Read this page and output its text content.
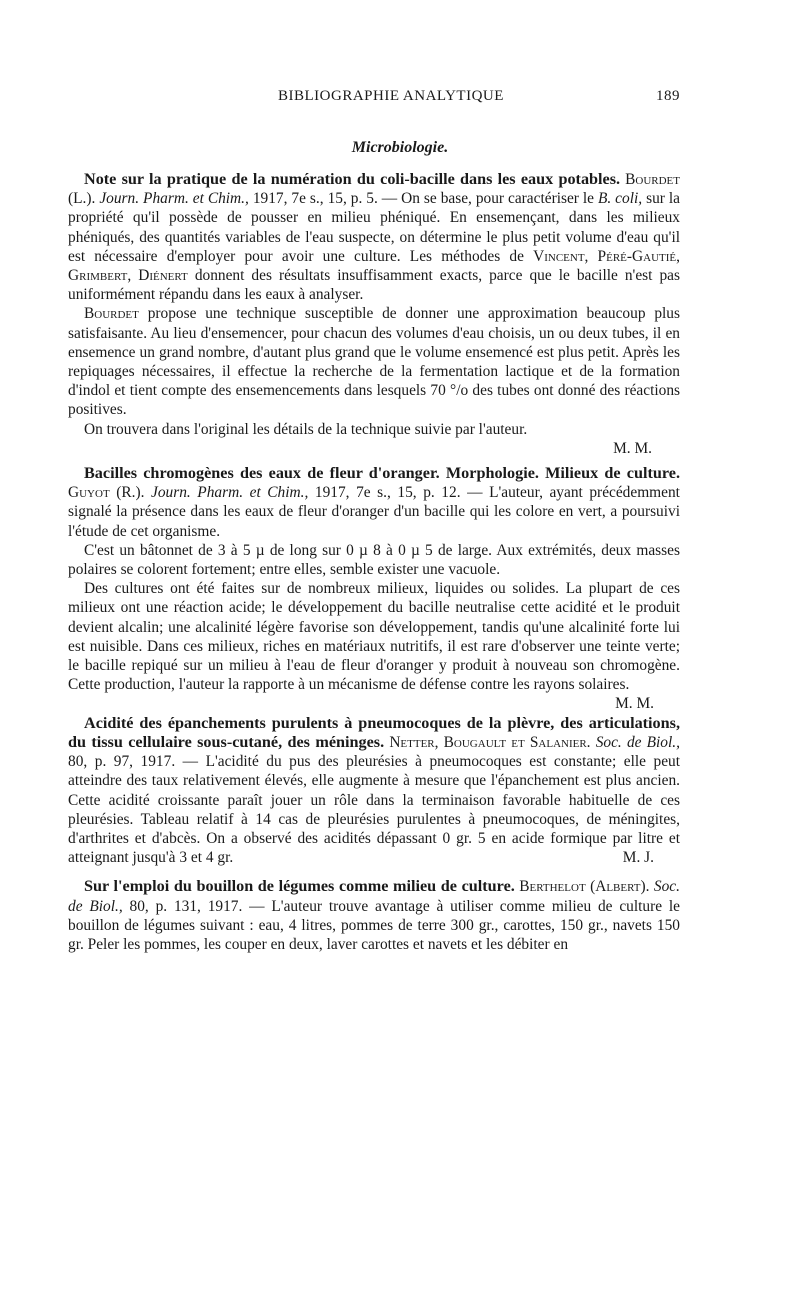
BIBLIOGRAPHIE ANALYTIQUE	189
Microbiologie.

Note sur la pratique de la numération du coli-bacille dans les eaux potables. Bourdet (L.). Journ. Pharm. et Chim., 1917, 7e s., 15, p. 5. — On se base, pour caractériser le B. coli, sur la propriété qu'il possède de pousser en milieu phéniqué. En ensemençant, dans les milieux phéniqués, des quantités variables de l'eau suspecte, on détermine le plus petit volume d'eau qu'il est nécessaire d'employer pour avoir une culture. Les méthodes de Vincent, Péré-Gautié, Grimbert, Diénert donnent des résultats insuffisamment exacts, parce que le bacille n'est pas uniformément répandu dans les eaux à analyser.

Bourdet propose une technique susceptible de donner une approximation beaucoup plus satisfaisante. Au lieu d'ensemencer, pour chacun des volumes d'eau choisis, un ou deux tubes, il en ensemence un grand nombre, d'autant plus grand que le volume ensemencé est plus petit. Après les repiquages nécessaires, il effectue la recherche de la fermentation lactique et de la formation d'indol et tient compte des ensemencements dans lesquels 70 °/o des tubes ont donné des réactions positives.

On trouvera dans l'original les détails de la technique suivie par l'auteur.

M. M.

Bacilles chromogènes des eaux de fleur d'oranger. Morphologie. Milieux de culture. Guyot (R.). Journ. Pharm. et Chim., 1917, 7e s., 15, p. 12. — L'auteur, ayant précédemment signalé la présence dans les eaux de fleur d'oranger d'un bacille qui les colore en vert, a poursuivi l'étude de cet organisme.

C'est un bâtonnet de 3 à 5 µ de long sur 0 µ 8 à 0 µ 5 de large. Aux extrémités, deux masses polaires se colorent fortement; entre elles, semble exister une vacuole.

Des cultures ont été faites sur de nombreux milieux, liquides ou solides. La plupart de ces milieux ont une réaction acide; le développement du bacille neutralise cette acidité et le produit devient alcalin; une alcalinité légère favorise son développement, tandis qu'une alcalinité forte lui est nuisible. Dans ces milieux, riches en matériaux nutritifs, il est rare d'observer une teinte verte; le bacille repiqué sur un milieu à l'eau de fleur d'oranger y produit à nouveau son chromogène. Cette production, l'auteur la rapporte à un mécanisme de défense contre les rayons solaires.
M. M.

Acidité des épanchements purulents à pneumocoques de la plèvre, des articulations, du tissu cellulaire sous-cutané, des méninges. Netter, Bougault et Salanier. Soc. de Biol., 80, p. 97, 1917. — L'acidité du pus des pleurésies à pneumocoques est constante; elle peut atteindre des taux relativement élevés, elle augmente à mesure que l'épanchement est plus ancien. Cette acidité croissante paraît jouer un rôle dans la terminaison favorable habituelle de ces pleurésies. Tableau relatif à 14 cas de pleurésies purulentes à pneumocoques, de méningites, d'arthrites et d'abcès. On a observé des acidités dépassant 0 gr. 5 en acide formique par litre et atteignant jusqu'à 3 et 4 gr.	M. J.

Sur l'emploi du bouillon de légumes comme milieu de culture. Berthelot (Albert). Soc. de Biol., 80, p. 131, 1917. — L'auteur trouve avantage à utiliser comme milieu de culture le bouillon de légumes suivant : eau, 4 litres, pommes de terre 300 gr., carottes, 150 gr., navets 150 gr. Peler les pommes, les couper en deux, laver carottes et navets et les débiter en
